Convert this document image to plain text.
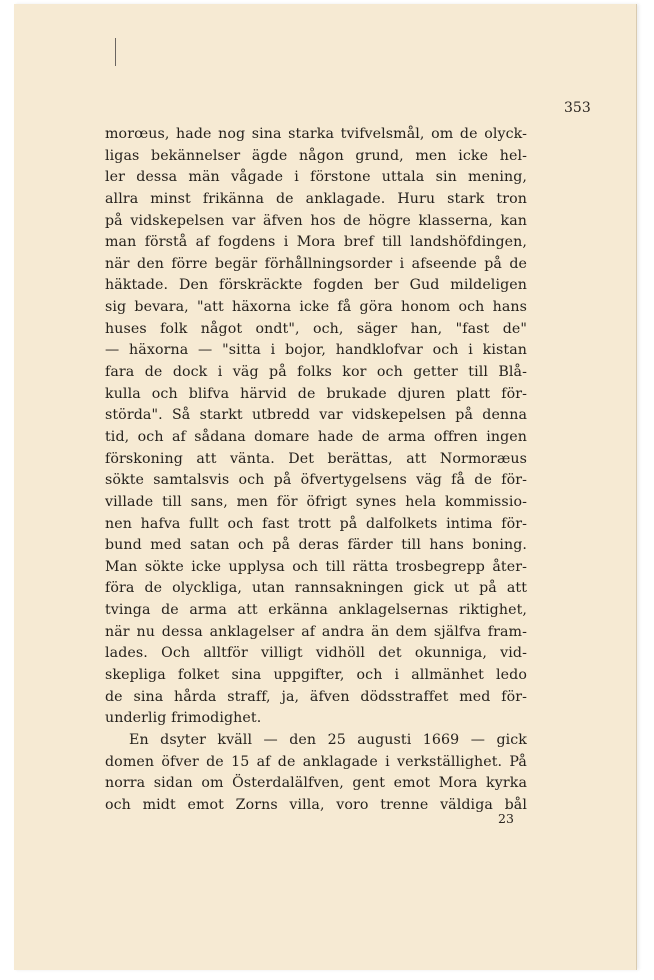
353
morœus, hade nog sina starka tvifvelsmål, om de olyck-
ligas bekännelser ägde någon grund, men icke hel-
ler dessa män vågade i förstone uttala sin mening,
allra minst frikänna de anklagade. Huru stark tron
på vidskepelsen var äfven hos de högre klasserna, kan
man förstå af fogdens i Mora bref till landshöfdingen,
när den förre begär förhållningsorder i afseende på de
häktade. Den förskräckte fogden ber Gud mildeligen
sig bevara, "att häxorna icke få göra honom och hans
huses folk något ondt", och, säger han, "fast de"
— häxorna — "sitta i bojor, handklofvar och i kistan
fara de dock i väg på folks kor och getter till Blå-
kulla och blifva härvid de brukade djuren platt för-
störda". Så starkt utbredd var vidskepelsen på denna
tid, och af sådana domare hade de arma offren ingen
förskoning att vänta. Det berättas, att Normoræus
sökte samtalsvis och på öfvertygelsens väg få de för-
villade till sans, men för öfrigt synes hela kommissio-
nen hafva fullt och fast trott på dalfolkets intima för-
bund med satan och på deras färder till hans boning.
Man sökte icke upplysa och till rätta trosbegrepp åter-
föra de olyckliga, utan rannsakningen gick ut på att
tvinga de arma att erkänna anklagelsernas riktighet,
när nu dessa anklagelser af andra än dem själfva fram-
lades. Och alltför villigt vidhöll det okunniga, vid-
skepliga folket sina uppgifter, och i allmänhet ledo
de sina hårda straff, ja, äfven dödsstraffet med för-
underlig frimodighet.
En dsyter kväll — den 25 augusti 1669 — gick
domen öfver de 15 af de anklagade i verkställighet. På
norra sidan om Österdalälfven, gent emot Mora kyrka
och midt emot Zorns villa, voro trenne väldiga bål
23
